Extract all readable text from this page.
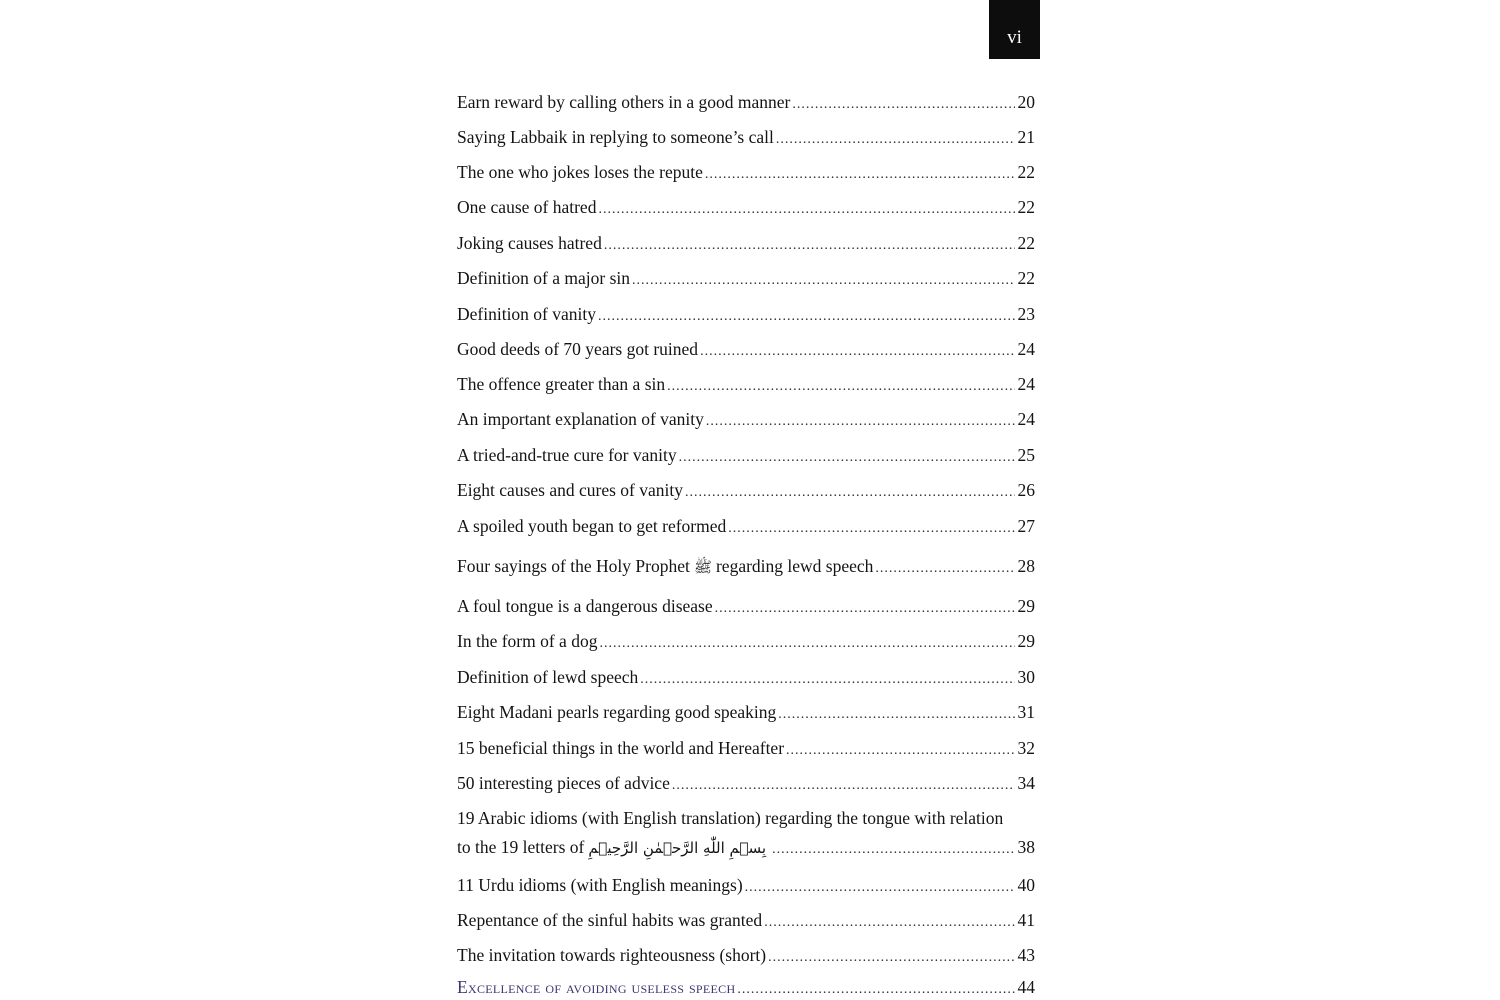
vi
Earn reward by calling others in a good manner .....	20
Saying Labbaik in replying to someone’s call .....	21
The one who jokes loses the repute .....	22
One cause of hatred .....	22
Joking causes hatred .....	22
Definition of a major sin .....	22
Definition of vanity .....	23
Good deeds of 70 years got ruined .....	24
The offence greater than a sin .....	24
An important explanation of vanity .....	24
A tried-and-true cure for vanity .....	25
Eight causes and cures of vanity .....	26
A spoiled youth began to get reformed .....	27
Four sayings of the Holy Prophet ﷺ regarding lewd speech .....	28
A foul tongue is a dangerous disease .....	29
In the form of a dog .....	29
Definition of lewd speech .....	30
Eight Madani pearls regarding good speaking .....	31
15 beneficial things in the world and Hereafter .....	32
50 interesting pieces of advice .....	34
19 Arabic idioms (with English translation) regarding the tongue with relation
to the 19 letters of بِسۡمِ اللّٰهِ الرَّحۡمٰنِ الرَّحِيۡمِ .....	38
11 Urdu idioms (with English meanings) .....	40
Repentance of the sinful habits was granted .....	41
The invitation towards righteousness (short) .....	43
Excellence of avoiding useless speech .....	44
